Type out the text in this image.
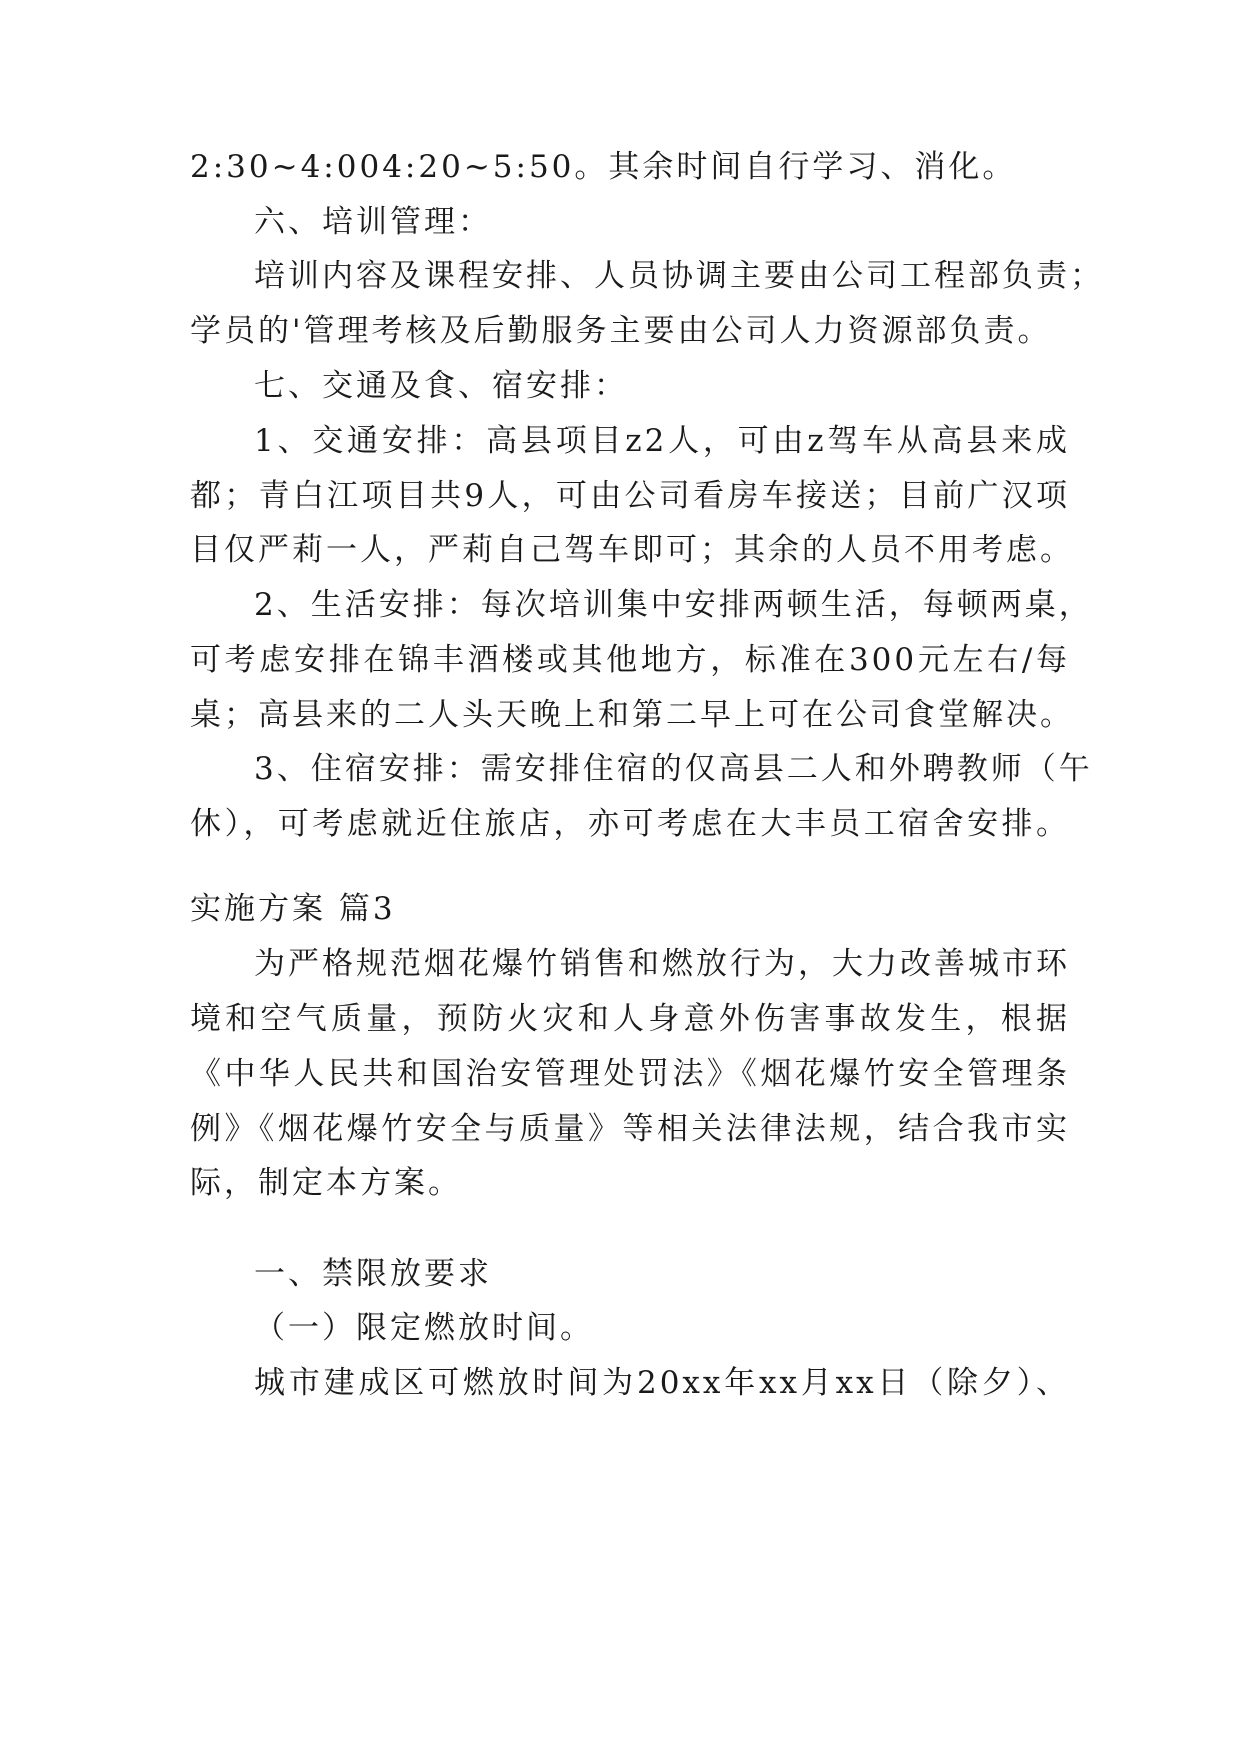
2:30~4:004:20~5:50。其余时间自行学习、消化。

六、培训管理：

培训内容及课程安排、人员协调主要由公司工程部负责；

学员的'管理考核及后勤服务主要由公司人力资源部负责。

七、交通及食、宿安排：

1、交通安排：高县项目z2人，可由z驾车从高县来成

都；青白江项目共9人，可由公司看房车接送；目前广汉项

目仅严莉一人，严莉自己驾车即可；其余的人员不用考虑。

2、生活安排：每次培训集中安排两顿生活，每顿两桌，

可考虑安排在锦丰酒楼或其他地方，标准在300元左右/每

桌；高县来的二人头天晚上和第二早上可在公司食堂解决。

3、住宿安排：需安排住宿的仅高县二人和外聘教师（午

休），可考虑就近住旅店，亦可考虑在大丰员工宿舍安排。

实施方案 篇3

为严格规范烟花爆竹销售和燃放行为，大力改善城市环

境和空气质量，预防火灾和人身意外伤害事故发生，根据

《中华人民共和国治安管理处罚法》《烟花爆竹安全管理条

例》《烟花爆竹安全与质量》等相关法律法规，结合我市实

际，制定本方案。

一、禁限放要求

（一）限定燃放时间。

城市建成区可燃放时间为20xx年xx月xx日（除夕）、
